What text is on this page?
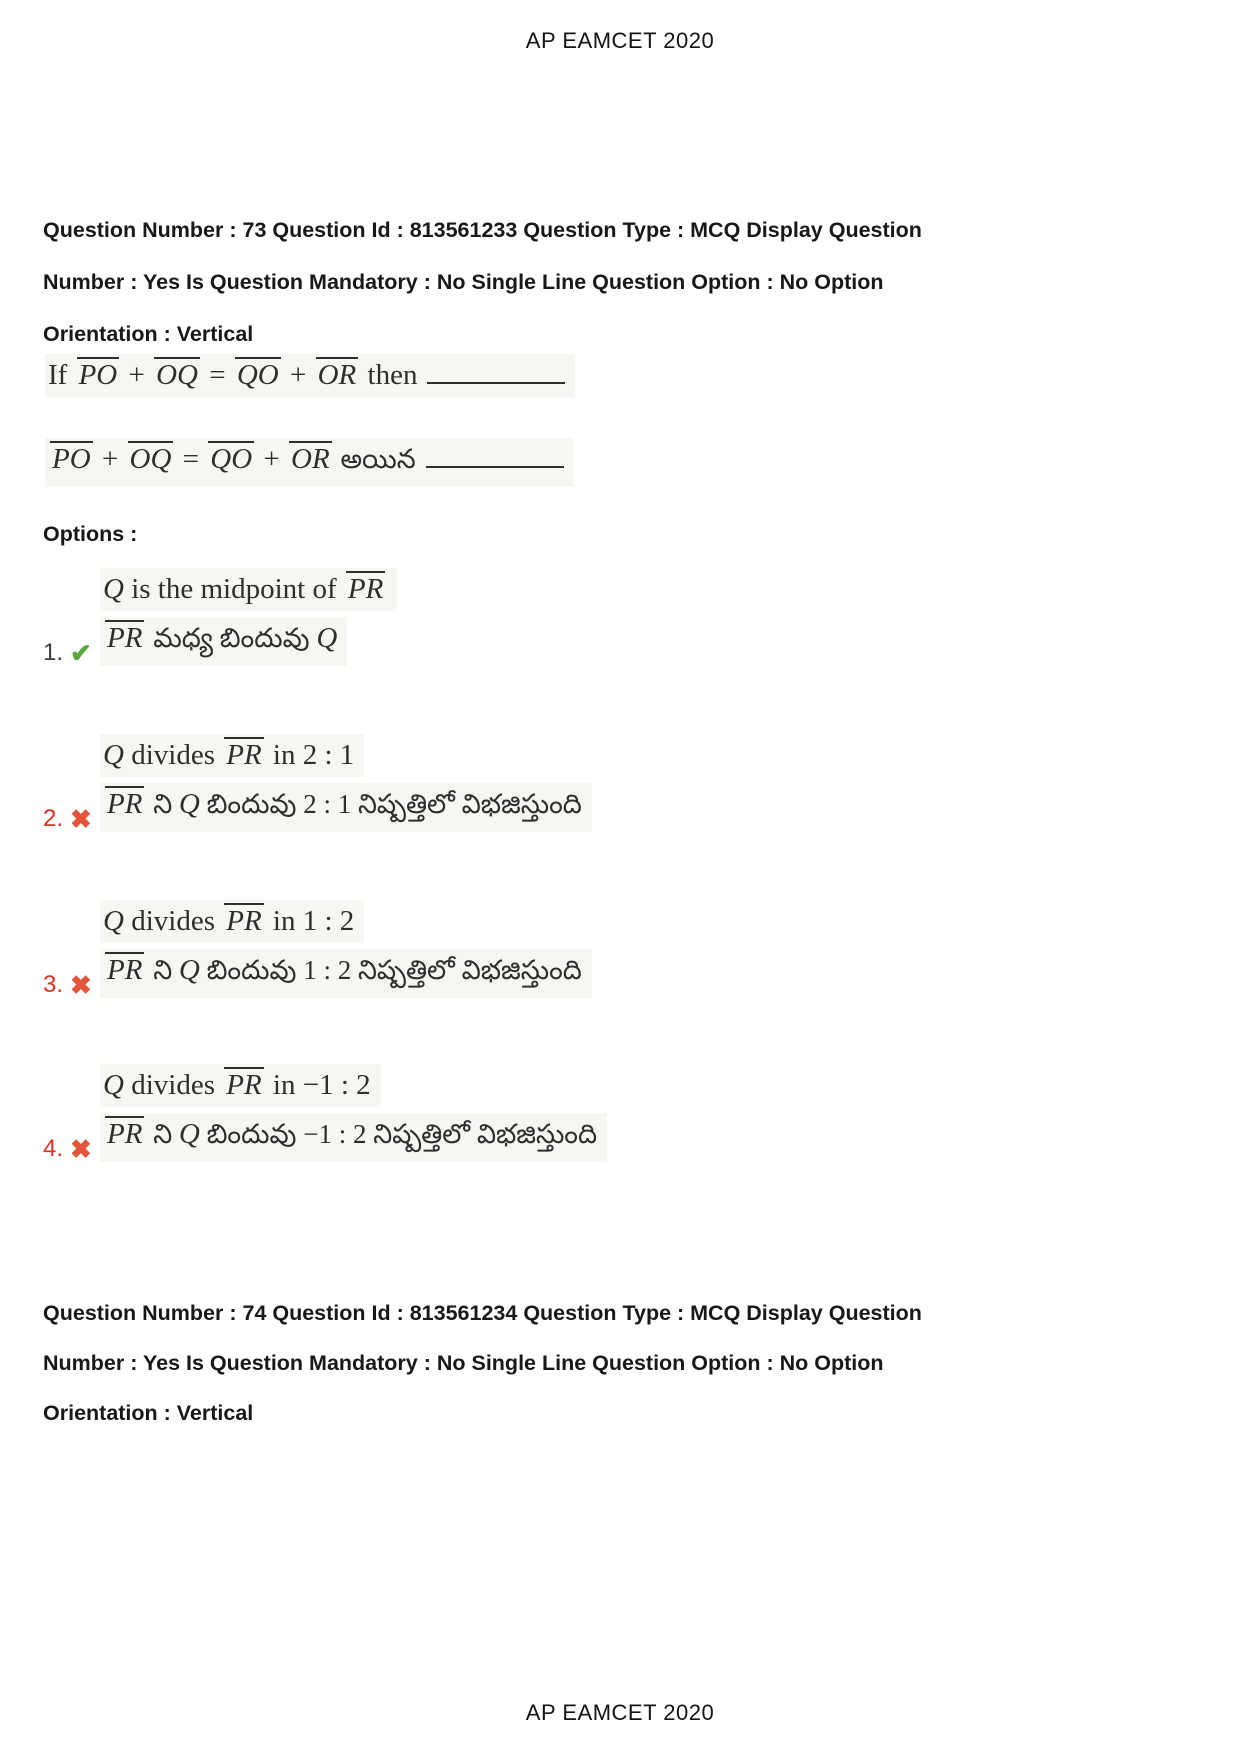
AP EAMCET 2020
Question Number : 73 Question Id : 813561233 Question Type : MCQ Display Question
Number : Yes Is Question Mandatory : No Single Line Question Option : No Option
Orientation : Vertical
If PO + OQ = QO + OR then
PO + OQ = QO + OR అయిన
Options :
Q is the midpoint of PR
PR మధ్య బిందువు Q
1. ✔
Q divides PR in 2 : 1
PR ని Q బిందువు 2 : 1 నిష్పత్తిలో విభజిస్తుంది
2. ✖
Q divides PR in 1 : 2
PR ని Q బిందువు 1 : 2 నిష్పత్తిలో విభజిస్తుంది
3. ✖
Q divides PR in −1 : 2
PR ని Q బిందువు −1 : 2 నిష్పత్తిలో విభజిస్తుంది
4. ✖
Question Number : 74 Question Id : 813561234 Question Type : MCQ Display Question
Number : Yes Is Question Mandatory : No Single Line Question Option : No Option
Orientation : Vertical
AP EAMCET 2020
